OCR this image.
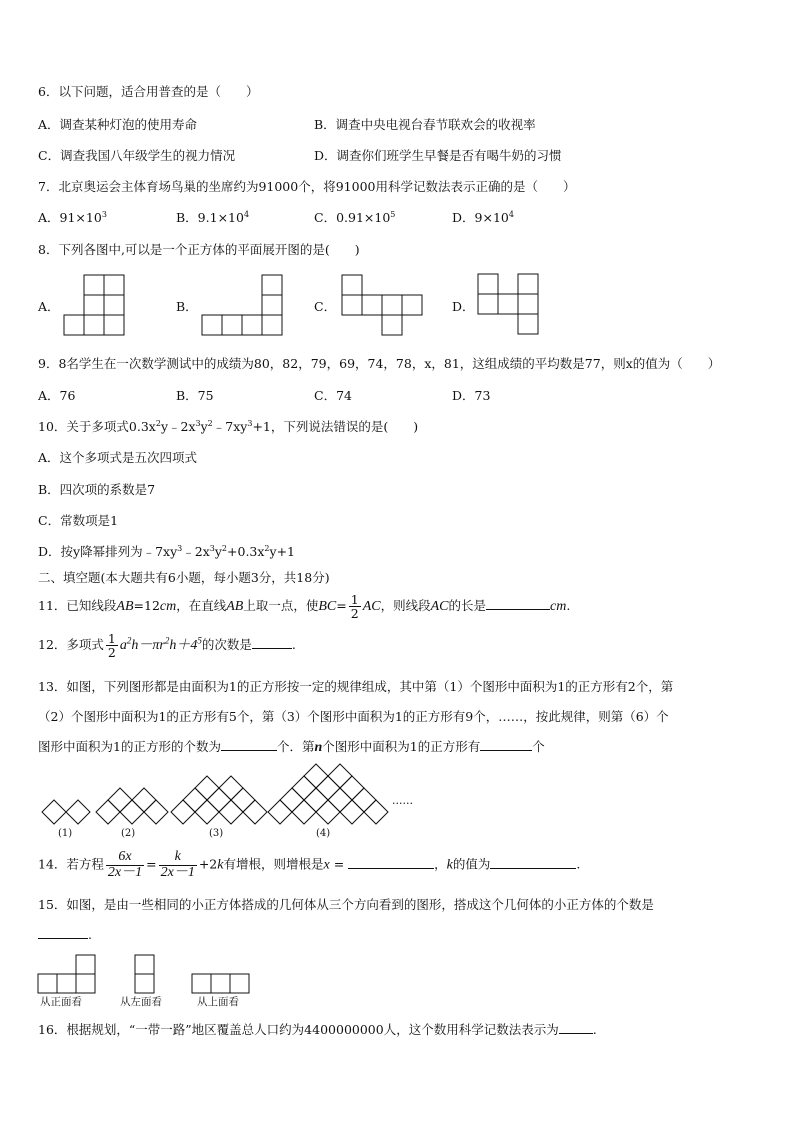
6．以下问题，适合用普查的是（　　）
A．调查某种灯泡的使用寿命	B．调查中央电视台春节联欢会的收视率
C．调查我国八年级学生的视力情况	D．调查你们班学生早餐是否有喝牛奶的习惯
7．北京奥运会主体育场鸟巢的坐席约为91000个，将91000用科学记数法表示正确的是（　　）
A．$91\times 10^3$	B．$9.1\times 10^4$	C．$0.91\times 10^5$	D．$9\times 10^4$
8．下列各图中,可以是一个正方体的平面展开图的是(　　)
A．	B．	C．	D．
9．8名学生在一次数学测试中的成绩为80，82，79，69，74，78，x，81，这组成绩的平均数是77，则x的值为（　　）
A．76	B．75	C．74	D．73
10．关于多项式$0.3x^2y﹣2x^3y^2﹣7xy^3+1$，下列说法错误的是(　　)
A．这个多项式是五次四项式
B．四次项的系数是7
C．常数项是1
D．按y降幂排列为$﹣7xy^3﹣2x^3y^2+0.3x^2y+1$
二、填空题(本大题共有6小题，每小题3分，共18分)
11．已知线段AB=12cm，在直线AB上取一点，使$BC= \frac{1}{2}$ AC，则线段AC的长是	cm.
12．多项式 $\frac{1}{2} a^2h-\pi r^2h+4^5$的次数是	.
13．如图，下列图形都是由面积为1的正方形按一定的规律组成，其中第（1）个图形中面积为1的正方形有2个，第
（2）个图形中面积为1的正方形有5个，第（3）个图形中面积为1的正方形有9个，……，按此规律，则第（6）个
图形中面积为1的正方形的个数为	个．第n个图形中面积为1的正方形有	个
(1)	(2)	(3)	(4)
......
14．若方程 $\frac{6x}{2x-1} = \frac{k}{2x-1} +2k$有增根，则增根是x =	，k的值为	.
15．如图，是由一些相同的小正方体搭成的几何体从三个方向看到的图形，搭成这个几何体的小正方体的个数是
.
从正面看	从左面看	从上面看
16．根据规划，“一带一路”地区覆盖总人口约为4400000000人，这个数用科学记数法表示为	.
